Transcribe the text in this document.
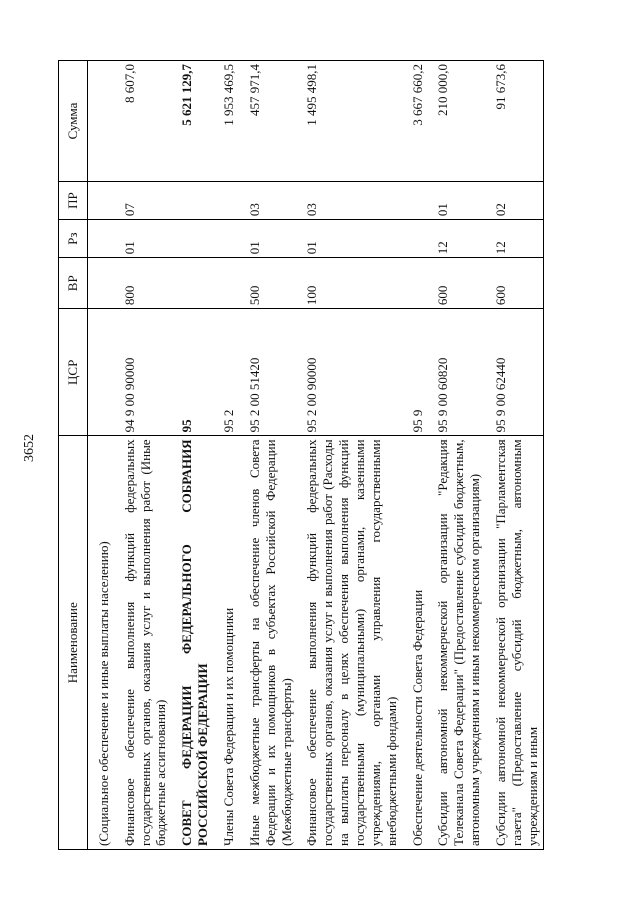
3652
Наименование	ЦСР	ВР	Рз	ПР	Сумма
(Социальное обеспечение и иные выплаты населению)					
Финансовое обеспечение выполнения функций федеральных государственных органов, оказания услуг и выполнения работ (Иные бюджетные ассигнования)	94 9 00 90000	800	01	07	8 607,0
СОВЕТ ФЕДЕРАЦИИ ФЕДЕРАЛЬНОГО СОБРАНИЯ РОССИЙСКОЙ ФЕДЕРАЦИИ	95				5 621 129,7
Члены Совета Федерации и их помощники	95 2				1 953 469,5
Иные межбюджетные трансферты на обеспечение членов Совета Федерации и их помощников в субъектах Российской Федерации (Межбюджетные трансферты)	95 2 00 51420	500	01	03	457 971,4
Финансовое обеспечение выполнения функций федеральных государственных органов, оказания услуг и выполнения работ (Расходы на выплаты персоналу в целях обеспечения выполнения функций государственными (муниципальными) органами, казенными учреждениями, органами управления государственными внебюджетными фондами)	95 2 00 90000	100	01	03	1 495 498,1
Обеспечение деятельности Совета Федерации	95 9				3 667 660,2
Субсидии автономной некоммерческой организации "Редакция Телеканала Совета Федерации" (Предоставление субсидий бюджетным, автономным учреждениям и иным некоммерческим организациям)	95 9 00 60820	600	12	01	210 000,0
Субсидии автономной некоммерческой организации "Парламентская газета" (Предоставление субсидий бюджетным, автономным учреждениям и иным	95 9 00 62440	600	12	02	91 673,6
